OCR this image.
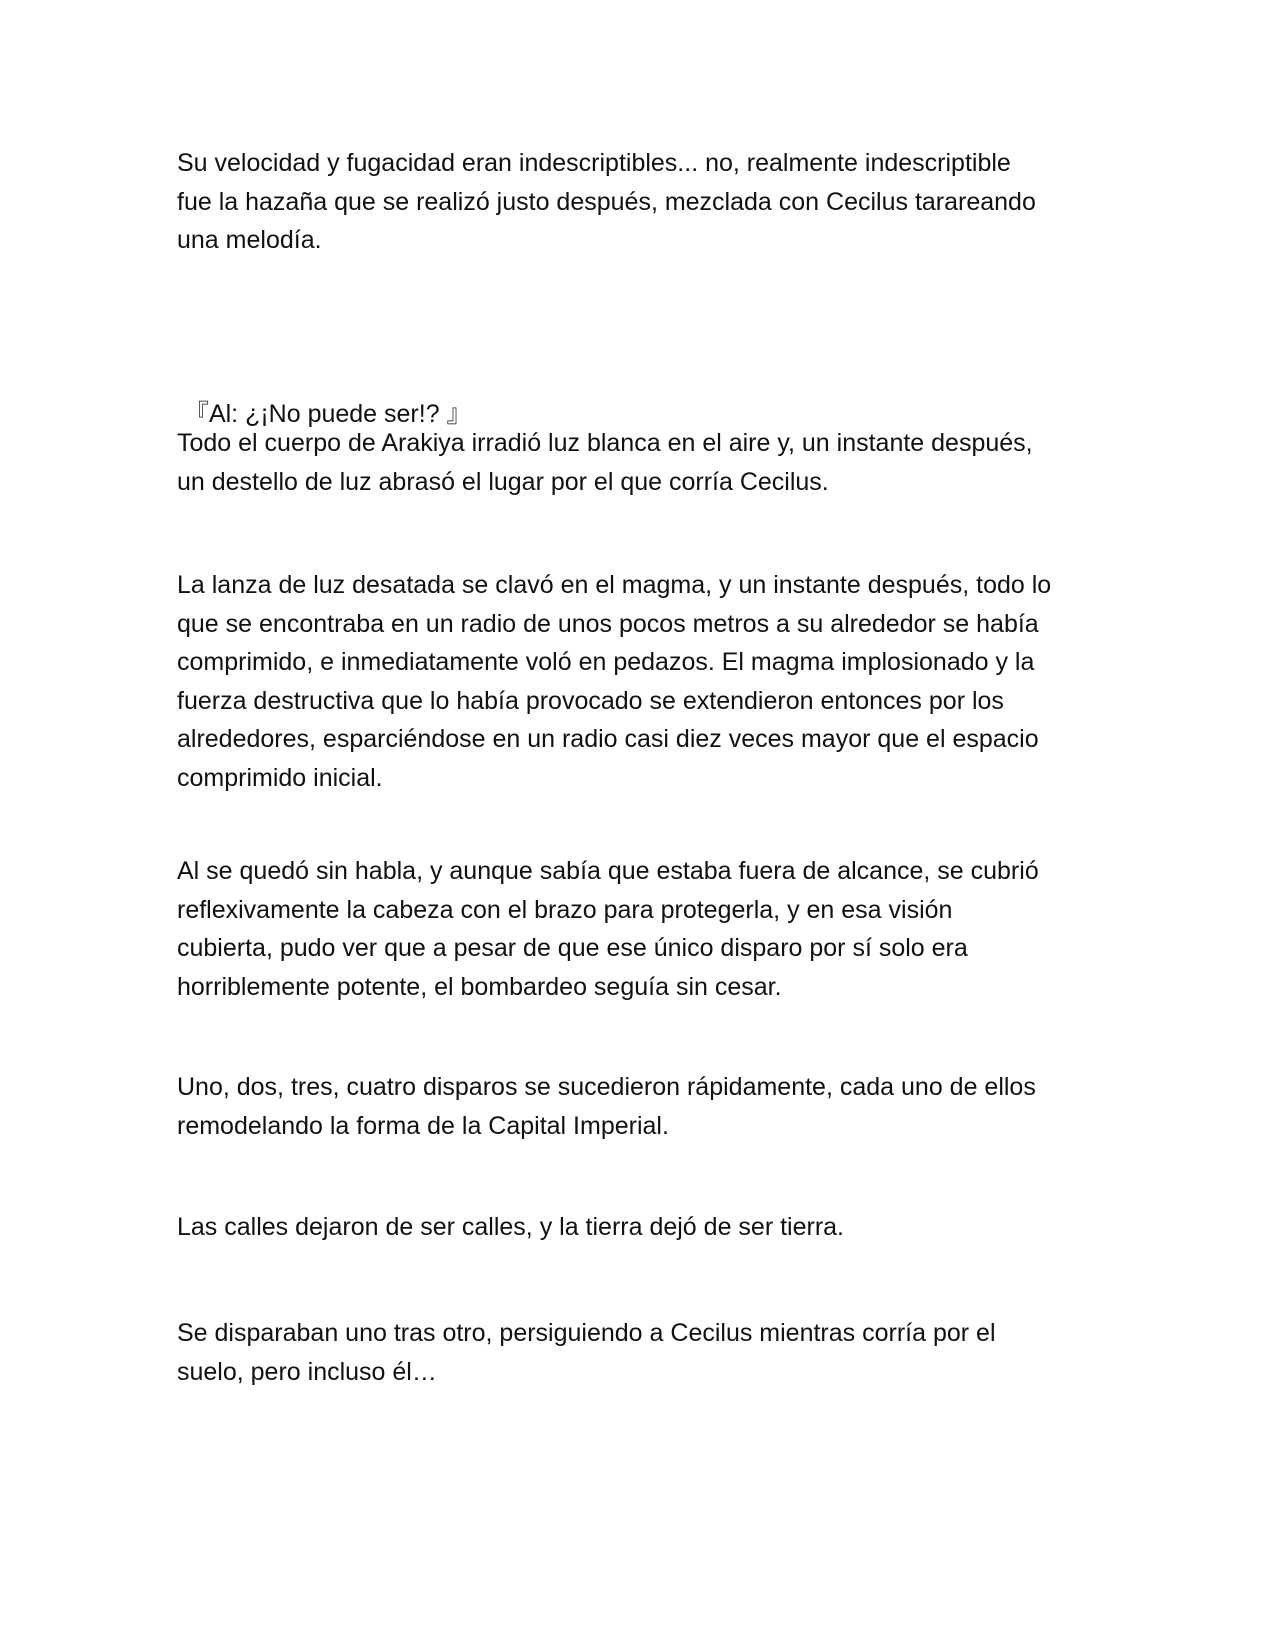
Su velocidad y fugacidad eran indescriptibles... no, realmente indescriptible
fue la hazaña que se realizó justo después, mezclada con Cecilus tarareando
una melodía.

『Al: ¿¡No puede ser!? 』

Todo el cuerpo de Arakiya irradió luz blanca en el aire y, un instante después,
un destello de luz abrasó el lugar por el que corría Cecilus.

La lanza de luz desatada se clavó en el magma, y un instante después, todo lo
que se encontraba en un radio de unos pocos metros a su alrededor se había
comprimido, e inmediatamente voló en pedazos. El magma implosionado y la
fuerza destructiva que lo había provocado se extendieron entonces por los
alrededores, esparciéndose en un radio casi diez veces mayor que el espacio
comprimido inicial.

Al se quedó sin habla, y aunque sabía que estaba fuera de alcance, se cubrió
reflexivamente la cabeza con el brazo para protegerla, y en esa visión
cubierta, pudo ver que a pesar de que ese único disparo por sí solo era
horriblemente potente, el bombardeo seguía sin cesar.

Uno, dos, tres, cuatro disparos se sucedieron rápidamente, cada uno de ellos
remodelando la forma de la Capital Imperial.

Las calles dejaron de ser calles, y la tierra dejó de ser tierra.

Se disparaban uno tras otro, persiguiendo a Cecilus mientras corría por el
suelo, pero incluso él…
